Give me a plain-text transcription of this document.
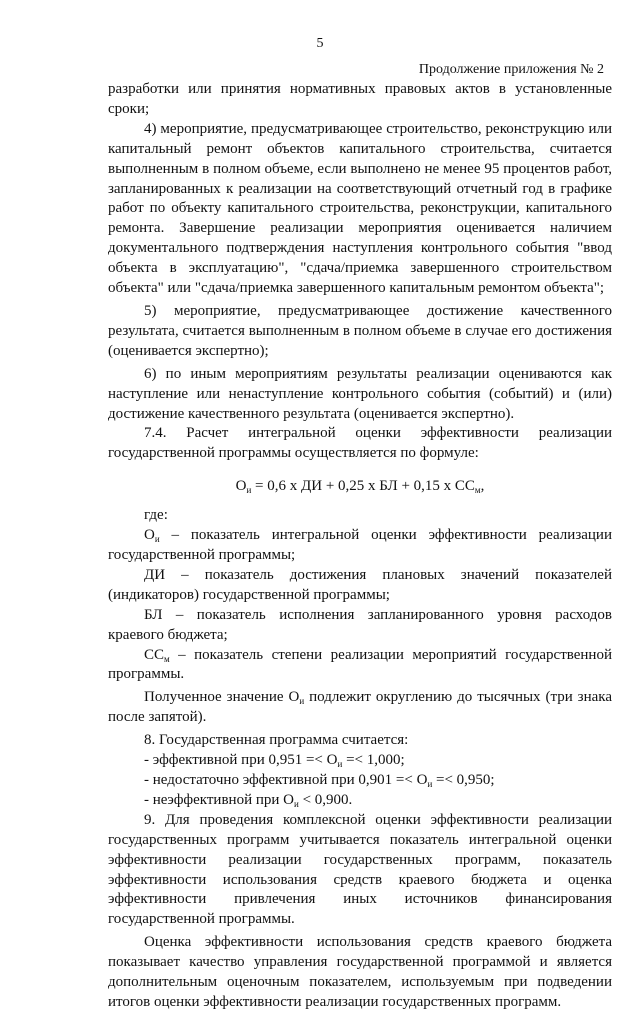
5
Продолжение приложения № 2

разработки или принятия нормативных правовых актов в установленные сроки;

4) мероприятие, предусматривающее строительство, реконструкцию или капитальный ремонт объектов капитального строительства, считается выполненным в полном объеме, если выполнено не менее 95 процентов работ, запланированных к реализации на соответствующий отчетный год в графике работ по объекту капитального строительства, реконструкции, капитального ремонта. Завершение реализации мероприятия оценивается наличием документального подтверждения наступления контрольного события "ввод объекта в эксплуатацию", "сдача/приемка завершенного строительством объекта" или "сдача/приемка завершенного капитальным ремонтом объекта";

5) мероприятие, предусматривающее достижение качественного результата, считается выполненным в полном объеме в случае его достижения (оценивается экспертно);

6) по иным мероприятиям результаты реализации оцениваются как наступление или ненаступление контрольного события (событий) и (или) достижение качественного результата (оценивается экспертно).

7.4. Расчет интегральной оценки эффективности реализации государственной программы осуществляется по формуле:

$О_и = 0,6$ х ДИ + 0,25 х БЛ + 0,15 х $СС_м$,

где:

$О_и$ – показатель интегральной оценки эффективности реализации государственной программы;

ДИ – показатель достижения плановых значений показателей (индикаторов) государственной программы;

БЛ – показатель исполнения запланированного уровня расходов краевого бюджета;

$СС_м$ – показатель степени реализации мероприятий государственной программы.

Полученное значение $О_и$ подлежит округлению до тысячных (три знака после запятой).

8. Государственная программа считается:

- эффективной при $0,951 =< О_и =< 1,000$;

- недостаточно эффективной при $0,901 =< О_и =< 0,950$;

- неэффективной при $О_и < 0,900$.

9. Для проведения комплексной оценки эффективности реализации государственных программ учитывается показатель интегральной оценки эффективности реализации государственных программ, показатель эффективности использования средств краевого бюджета и оценка эффективности привлечения иных источников финансирования государственной программы.

Оценка эффективности использования средств краевого бюджета показывает качество управления государственной программой и является дополнительным оценочным показателем, используемым при подведении итогов оценки эффективности реализации государственных программ.
